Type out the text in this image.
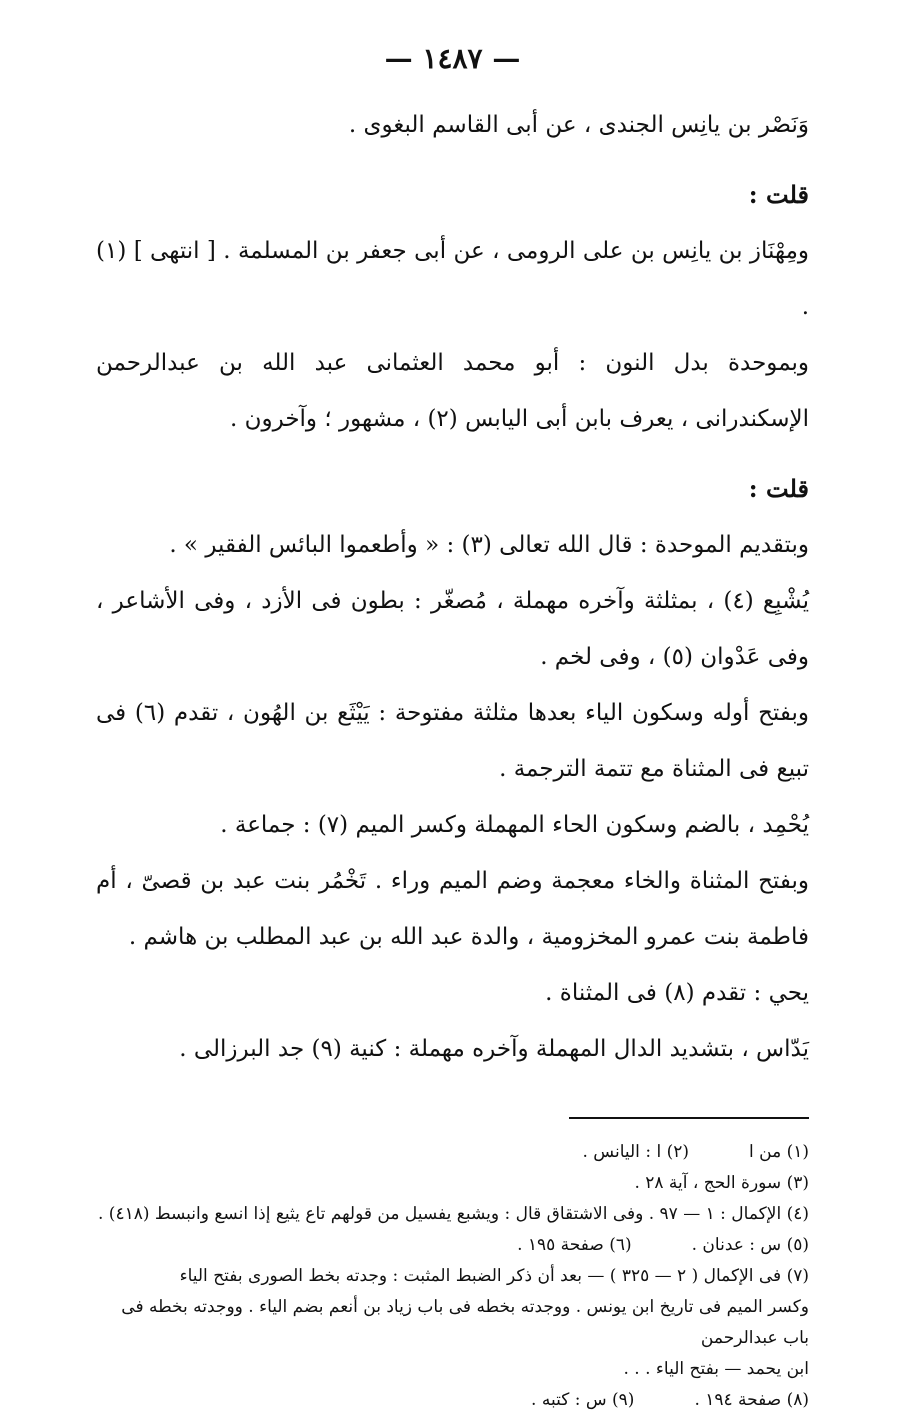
— ١٤٨٧ —

وَنَصْر بن يانِس الجندى ، عن أبى القاسم البغوى .

قلت :

ومِهْنَاز بن يانِس بن على الرومى ، عن أبى جعفر بن المسلمة . [ انتهى ] (١) .

وبموحدة بدل النون : أبو محمد العثمانى عبد الله بن عبدالرحمن الإسكندرانى ، يعرف بابن أبى اليابس (٢) ، مشهور ؛ وآخرون .

قلت :

وبتقديم الموحدة : قال الله تعالى (٣) : « وأطعموا البائس الفقير » .

يُشْبِع (٤) ، بمثلثة وآخره مهملة ، مُصغّر : بطون فى الأزد ، وفى الأشاعر ، وفى عَدْوان (٥) ، وفى لخم .

وبفتح أوله وسكون الياء بعدها مثلثة مفتوحة : يَيْثَع بن الهُون ، تقدم (٦) فى تبيع فى المثناة مع تتمة الترجمة .

يُحْمِد ، بالضم وسكون الحاء المهملة وكسر الميم (٧) : جماعة .

وبفتح المثناة والخاء معجمة وضم الميم وراء . تَخْمُر بنت عبد بن قصىّ ، أم فاطمة بنت عمرو المخزومية ، والدة عبد الله بن عبد المطلب بن هاشم .

يحي : تقدم (٨) فى المثناة .

يَدّاس ، بتشديد الدال المهملة وآخره مهملة : كنية (٩) جد البرزالى .

(١) من ا
(٢) ا : اليانس .

(٣) سورة الحج ، آية ٢٨ .

(٤) الإكمال : ١ — ٩٧ . وفى الاشتقاق قال : ويشبع يفسيل من قولهم تاع يثيع إذا انسع وانبسط (٤١٨) .

(٥) س : عدنان .
(٦) صفحة ١٩٥ .

(٧) فى الإكمال ( ٢ — ٣٢٥ ) — بعد أن ذكر الضبط المثبت : وجدته بخط الصورى بفتح الياء

وكسر الميم فى تاريخ ابن يونس . ووجدته بخطه فى باب زياد بن أنعم بضم الياء . ووجدته بخطه فى باب عبدالرحمن

ابن يحمد — بفتح الياء . . .

(٨) صفحة ١٩٤ .
(٩) س : كتبه .
